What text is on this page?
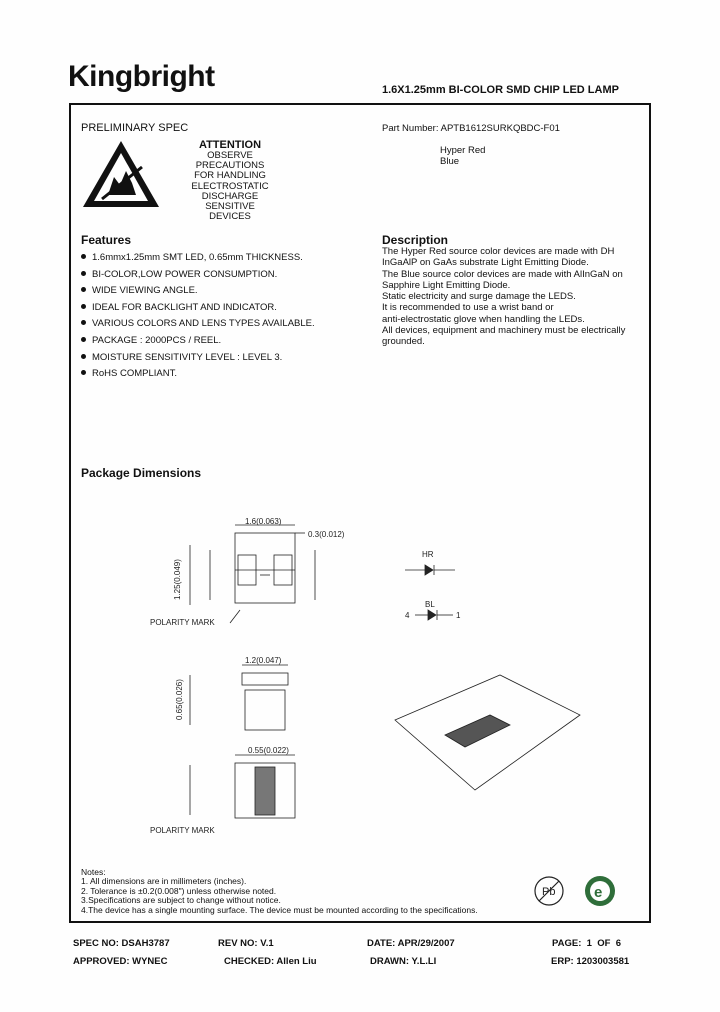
Kingbright	1.6X1.25mm BI-COLOR SMD CHIP LED LAMP
PRELIMINARY SPEC
ATTENTION
OBSERVE PRECAUTIONS
FOR HANDLING
ELECTROSTATIC
DISCHARGE
SENSITIVE
DEVICES
Part Number: APTB1612SURKQBDC-F01
Hyper Red
Blue
Features
1.6mmx1.25mm SMT LED, 0.65mm THICKNESS.
BI-COLOR,LOW POWER CONSUMPTION.
WIDE VIEWING ANGLE.
IDEAL FOR BACKLIGHT AND INDICATOR.
VARIOUS COLORS AND LENS TYPES AVAILABLE.
PACKAGE : 2000PCS / REEL.
MOISTURE SENSITIVITY LEVEL : LEVEL 3.
RoHS COMPLIANT.
Description
The Hyper Red source color devices are made with DH
InGaAlP on GaAs substrate Light Emitting Diode.
The Blue source color devices are made with AlInGaN on
Sapphire Light Emitting Diode.
Static electricity and surge damage the LEDS.
It is recommended to use a wrist band or
anti-electrostatic glove when handling the LEDs.
All devices, equipment and machinery must be electrically
grounded.
Package Dimensions
1.6(0.063)
0.3(0.012)
1.25(0.049)
POLARITY MARK
HR
BL
4	1
1.2(0.047)
0.65(0.026)
0.55(0.022)
POLARITY MARK
Notes:
1. All dimensions are in millimeters (inches).
2. Tolerance is ±0.2(0.008") unless otherwise noted.
3.Specifications are subject to change without notice.
4.The device has a single mounting surface. The device must be mounted according to the specifications.
Pb	e
SPEC NO: DSAH3787	REV NO: V.1	DATE: APR/29/2007	PAGE:  1  OF  6
APPROVED: WYNEC	CHECKED: Allen Liu	DRAWN: Y.L.LI	ERP: 1203003581
